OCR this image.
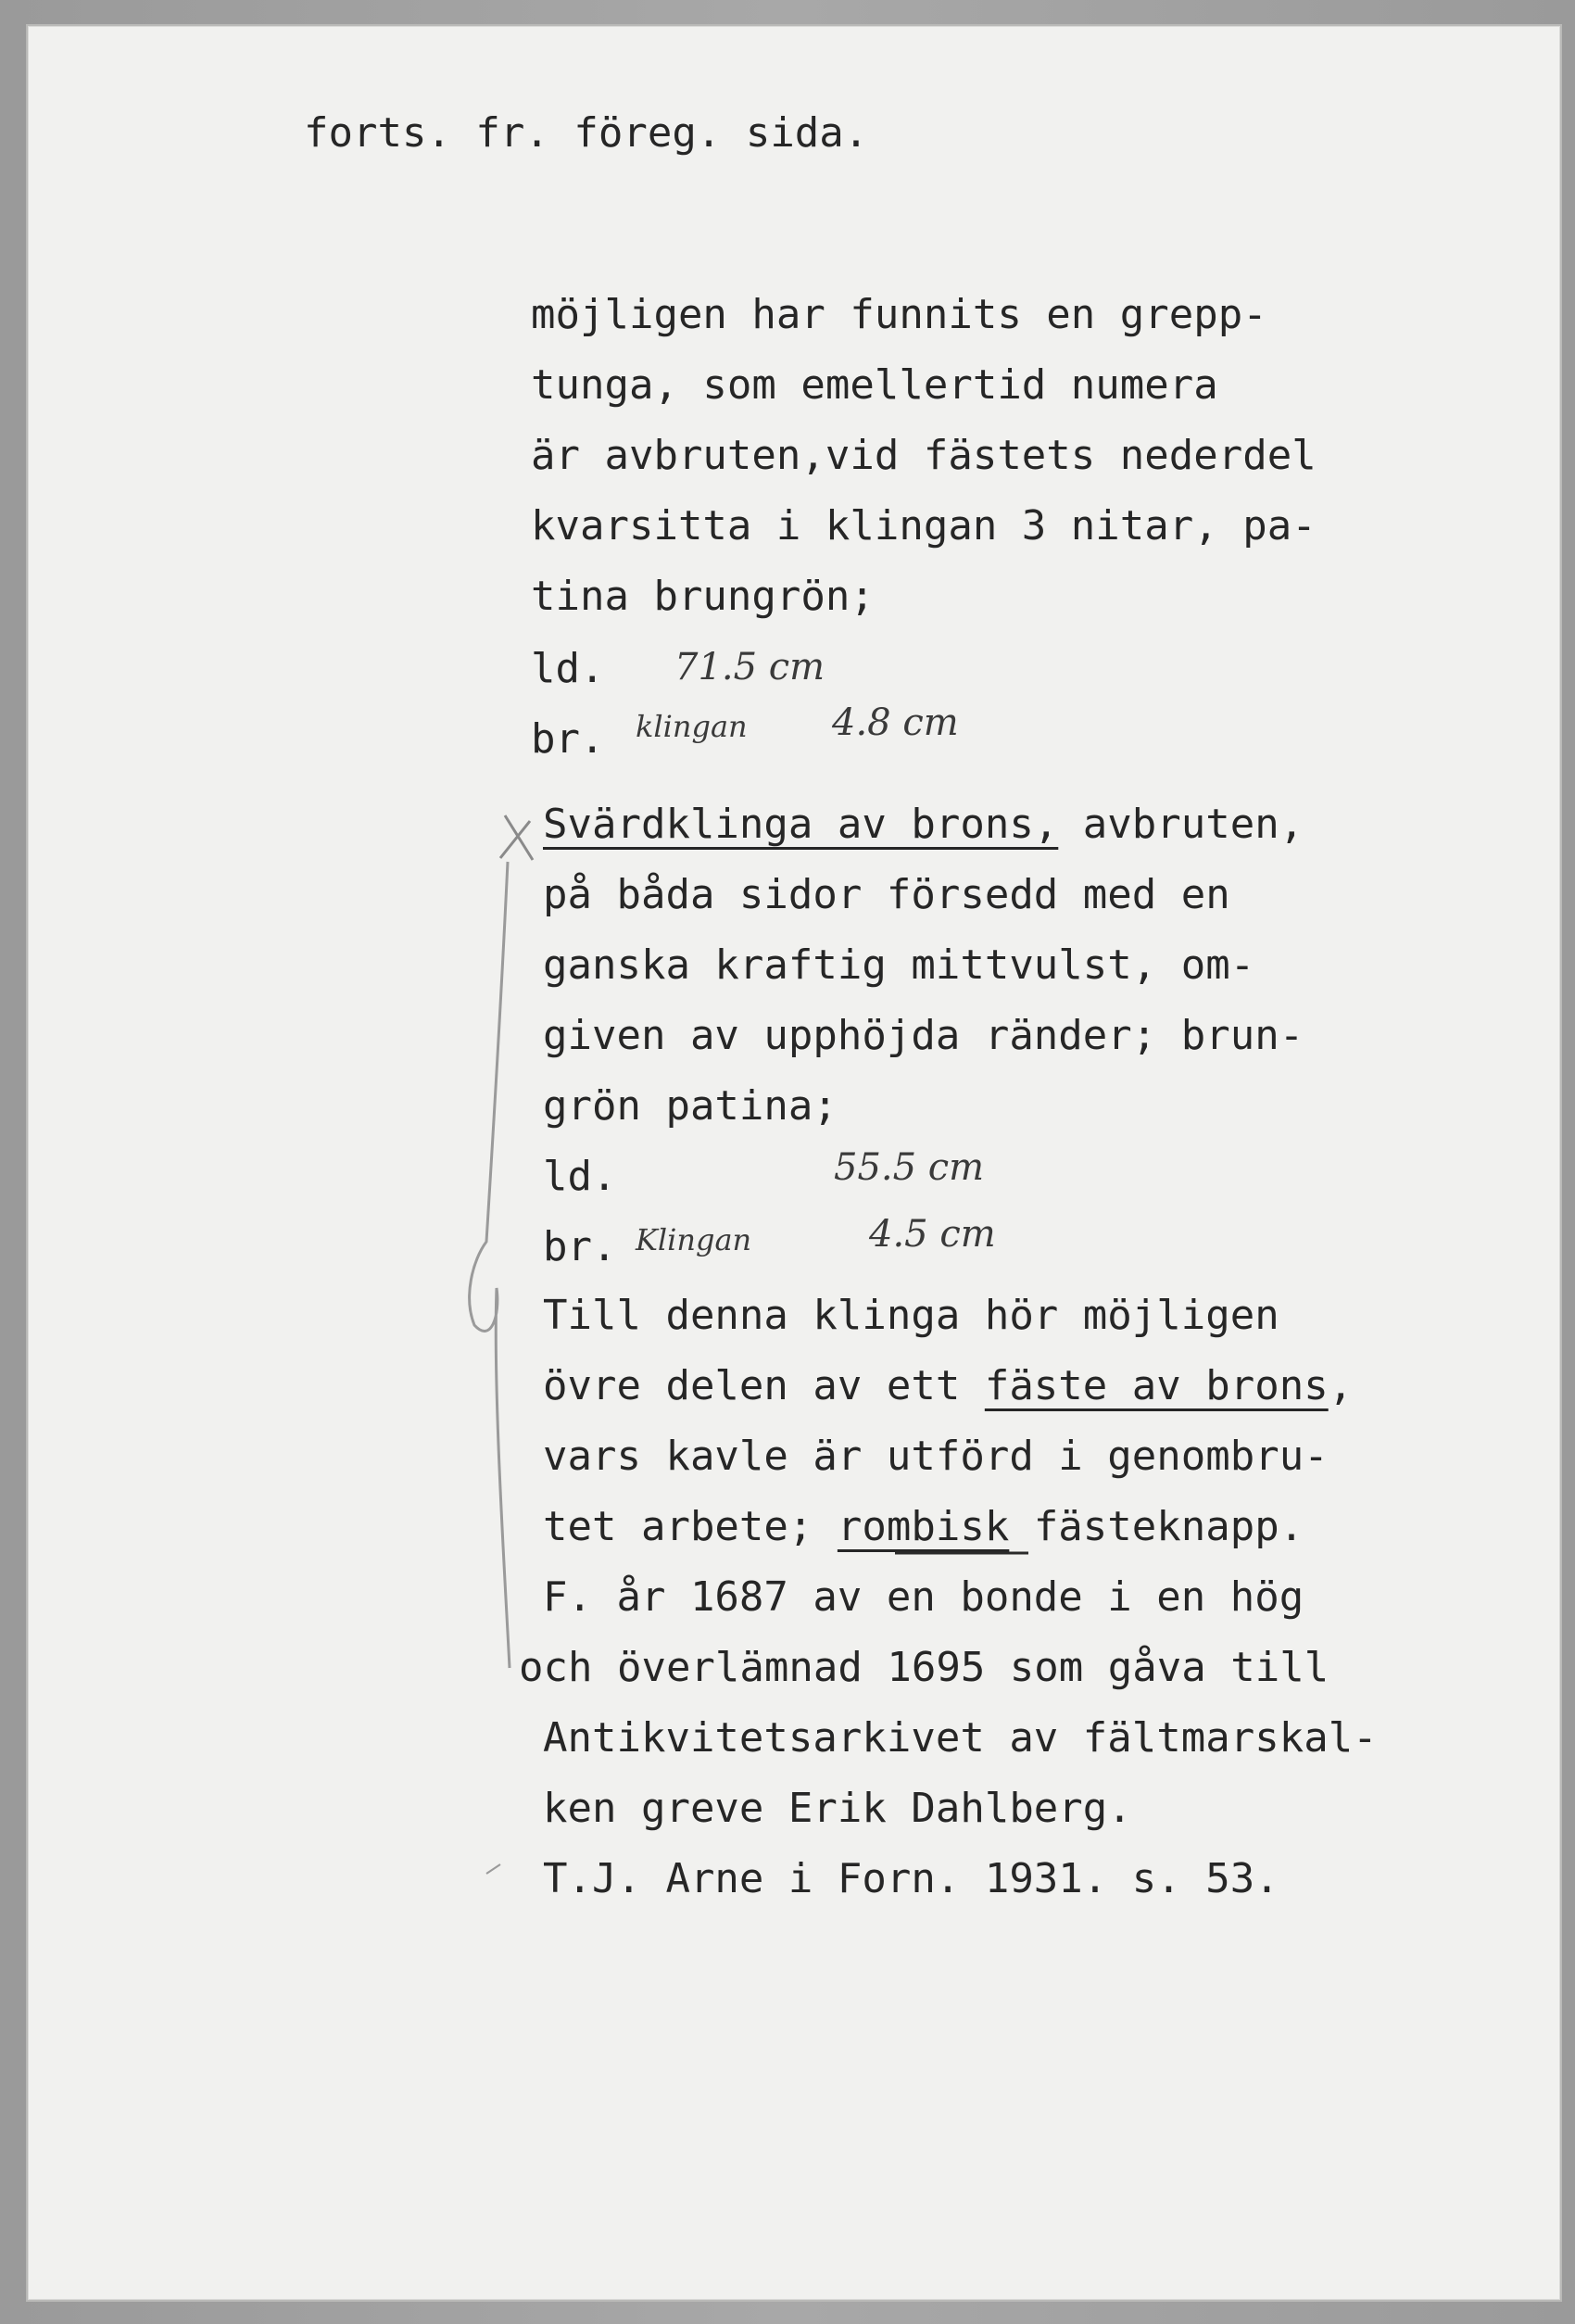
forts. fr. föreg. sida.
möjligen har funnits en grepp-
tunga, som emellertid numera
är avbruten,vid fästets nederdel
kvarsitta i klingan 3 nitar, pa-
tina brungrön;
ld. 71.5 cm
br. klingan 4.8 cm
Svärdklinga av brons, avbruten,
på båda sidor försedd med en
ganska kraftig mittvulst, om-
given av upphöjda ränder; brun-
grön patina;
ld.	55.5 cm
br. Klingan	4.5 cm
Till denna klinga hör möjligen
övre delen av ett fäste av brons,
vars kavle är utförd i genombru-
tet arbete; rombisk fästeknapp.
F. år 1687 av en bonde i en hög
och överlämnad 1695 som gåva till
Antikvitetsarkivet av fältmarskal-
ken greve Erik Dahlberg.
T.J. Arne i Forn. 1931. s. 53.
